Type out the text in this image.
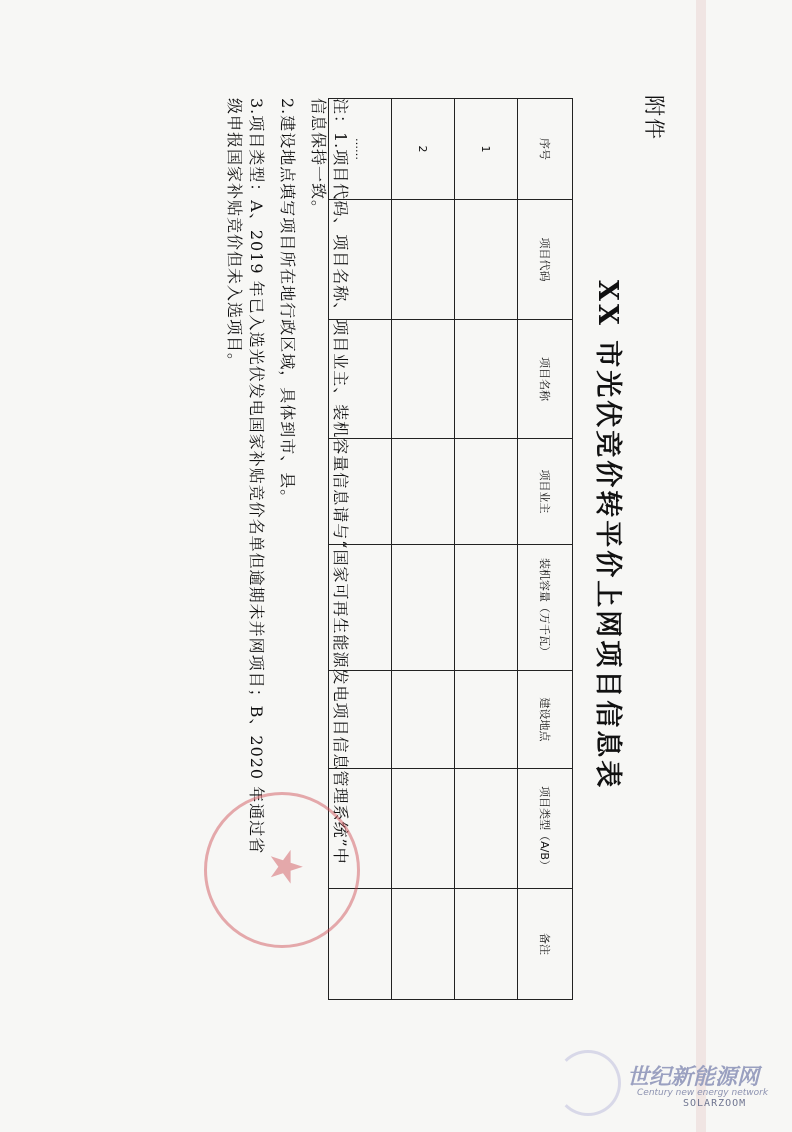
附件
XX 市光伏竞价转平价上网项目信息表
序号	项目代码	项目名称	项目业主	装机容量（万千瓦）	建设地点	项目类型（A/B）	备注
1							
2							
……							

注：1.项目代码、项目名称、项目业主、装机容量信息请与“国家可再生能源发电项目信息管理系统”中信息保持一致。

2.建设地点填写项目所在地行政区域，具体到市、县。

3.项目类型：A、2019 年已入选光伏发电国家补贴竞价名单但逾期未并网项目；B、2020 年通过省级申报国家补贴竞价但未入选项目。

★
世纪新能源网
Century new energy network
SOLARZOOM
